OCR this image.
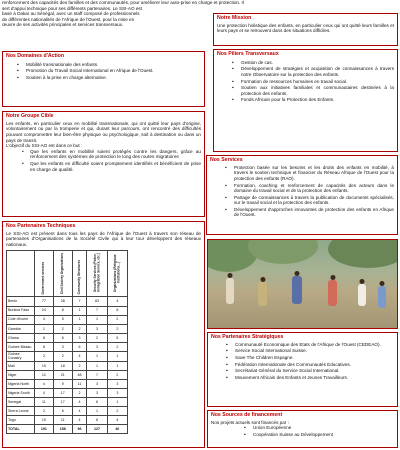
renforcement des capacités des familles et des communautés, pour améliorer leur auto-prise en charge et protection. Il

sert d'appui technique pour ses différents partenaires. Le SSI-AO est

basé à Dakar au Sénégal, avec un staff composé de professionnels

de différentes nationalités de l'Afrique de l'Ouest, pour la mise en

œuvre de ses activités principales et services transversaux.

Notre Mission

Une protection holistique des enfants, en particulier ceux qui ont quitté leurs familles et leurs pays et se retrouvent dans des situations difficiles.

Nos Domaines d'Action
▪ Mobilité transnationale des enfants.
▪ Promotion du Travail Social International en Afrique de l'Ouest.
▪ Soutien à la prise en charge alternative.
Notre Groupe Cible

Les enfants, en particulier ceux en mobilité transnationale, qui ont quitté leur pays d'origine, volontairement ou par la tromperie et qui, durant leur parcours, ont rencontré des difficultés pouvant compromettre leur bien-être physique ou psychologique, soit à destination ou dans un pays de transit.

L'objectif du SSI-AO est dans ce but :

• Que les enfants en mobilité soient protégés contre les dangers, grâce au renforcement des systèmes de protection le long des routes migratoires
• Que les enfants en difficulté soient promptement identifiés et bénéficient de prise en charge de qualité.
Nos Piliers Transversaux
▪ Gestion de cas.
▪ Développement de stratégies et acquisition de connaissances à travers notre Observatoire sur la protection des enfants.
▪ Formation de ressources humaines en travail social.
▪ Soutien aux initiatives familiales et communautaires destinées à la protection des enfants.
▪ Fonds Africain pour la Protection des Enfants.
Nos Services
▪ Protection basée sur les besoins et les droits des enfants en mobilité, à travers le soutien technique et financier du Réseau Afrique de l'Ouest pour la protection des enfants (RAO).
▪ Formation, coaching et renforcement de capacités des acteurs dans le domaine du travail social et de la protection des enfants.
▪ Partage de connaissances à travers la publication de documents spécialisés, sur le travail social et la protection des enfants.
▪ Développement d'approches innovantes de protection des enfants en Afrique de l'Ouest.
Nos Partenaires Techniques

Le SSI-AO est présent dans tous les pays de l'Afrique de l'Ouest à travers son réseau de partenaires d'Organisations de la Société Civile qui à leur tour développent des réseaux nationaux.

	Government services	Civil Society Organizations	Community Structures	Security Services (Police, Immigration Service, etc.)	Organizations (Religious Institutions...)
Benin	77	28	7	83	4
Burkina Faso	24	8	1	7	8
Cote d'Ivoire	4	5	1	1	2
Gambia	1	2	2	3	2
Ghana	8	6	3	2	5
Guinee Bissau	8	3	6	3	2
Guinee Conakry	2	2	4	1	1
Mali	15	18	2	1	1
Niger	12	21	48	7	2
Nigeria North	4	9	11	3	3
Nigeria South	4	17	2	3	3
Senegal	11	17	4	6	1
Sierra Leone	2	6	4	1	2
Togo	19	11	4	6	4
TOTAL	191	158	96	127	40
Nos Partenaires Stratégiques
▪ Communauté Economique des Etats de l'Afrique de l'Ouest (CEDEAO).
▪ Service Social International Suisse.
▪ Save The Children Espagne.
▪ Fédération Internationale des Communautés Educatives.
▪ Secrétariat Général du Service Social International.
▪ Mouvement Africain des Enfants et Jeunes Travailleurs.
Nos Sources de financement

Nos projets actuels sont financés par :

▪ Union Européenne
▪ Coopération Suisse au Développement
